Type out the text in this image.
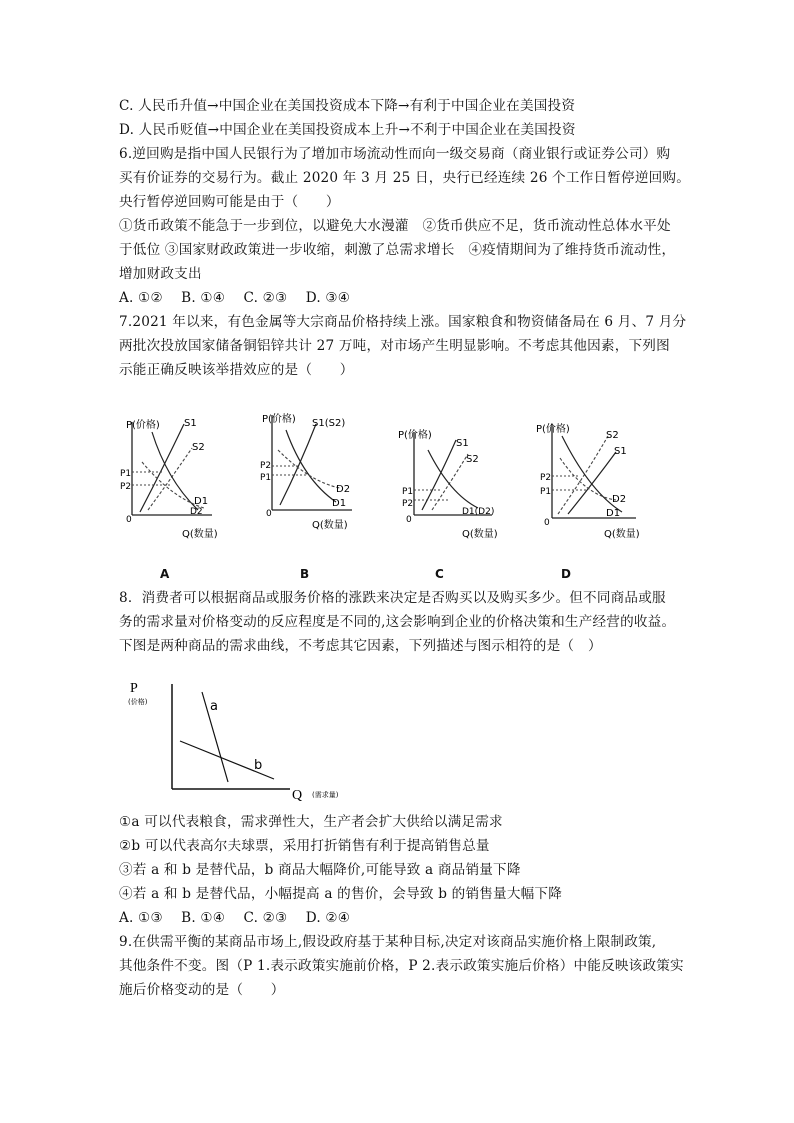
C. 人民币升值→中国企业在美国投资成本下降→有利于中国企业在美国投资
D. 人民币贬值→中国企业在美国投资成本上升→不利于中国企业在美国投资
6.逆回购是指中国人民银行为了增加市场流动性而向一级交易商（商业银行或证券公司）购
买有价证券的交易行为。截止 2020 年 3 月 25 日，央行已经连续 26 个工作日暂停逆回购。
央行暂停逆回购可能是由于（　　）
①货币政策不能急于一步到位，以避免大水漫灌　②货币供应不足，货币流动性总体水平处
于低位 ③国家财政政策进一步收缩，刺激了总需求增长　④疫情期间为了维持货币流动性，
增加财政支出
A. ①②　 B. ①④　 C. ②③　 D. ③④
7.2021 年以来，有色金属等大宗商品价格持续上涨。国家粮食和物资储备局在 6 月、7 月分
两批次投放国家储备铜铝锌共计 27 万吨，对市场产生明显影响。不考虑其他因素，下列图
示能正确反映该举措效应的是（　　）
P(价格)
Q(数量)
0
S1
S2
D1
D2
P1
P2
P(价格)
Q(数量)
0
S1(S2)
D2
D1
P2
P1
P(价格)
Q(数量)
0
S1
S2
D1(D2)
P1
P2
P(价格)
Q(数量)
0
S2
S1
D2
D1
P2
P1
A	B	C	D
8．消费者可以根据商品或服务价格的涨跌来决定是否购买以及购买多少。但不同商品或服
务的需求量对价格变动的反应程度是不同的,这会影响到企业的价格决策和生产经营的收益。
下图是两种商品的需求曲线，不考虑其它因素，下列描述与图示相符的是（　）
P
(价格)
Q (需求量)
a
b
①a 可以代表粮食，需求弹性大，生产者会扩大供给以满足需求
②b 可以代表高尔夫球票，采用打折销售有利于提高销售总量
③若 a 和 b 是替代品，b 商品大幅降价,可能导致 a 商品销量下降
④若 a 和 b 是替代品，小幅提高 a 的售价，会导致 b 的销售量大幅下降
A. ①③　 B. ①④　 C. ②③　 D. ②④
9.在供需平衡的某商品市场上,假设政府基于某种目标,决定对该商品实施价格上限制政策,
其他条件不变。图（P 1.表示政策实施前价格，P 2.表示政策实施后价格）中能反映该政策实
施后价格变动的是（　　）
